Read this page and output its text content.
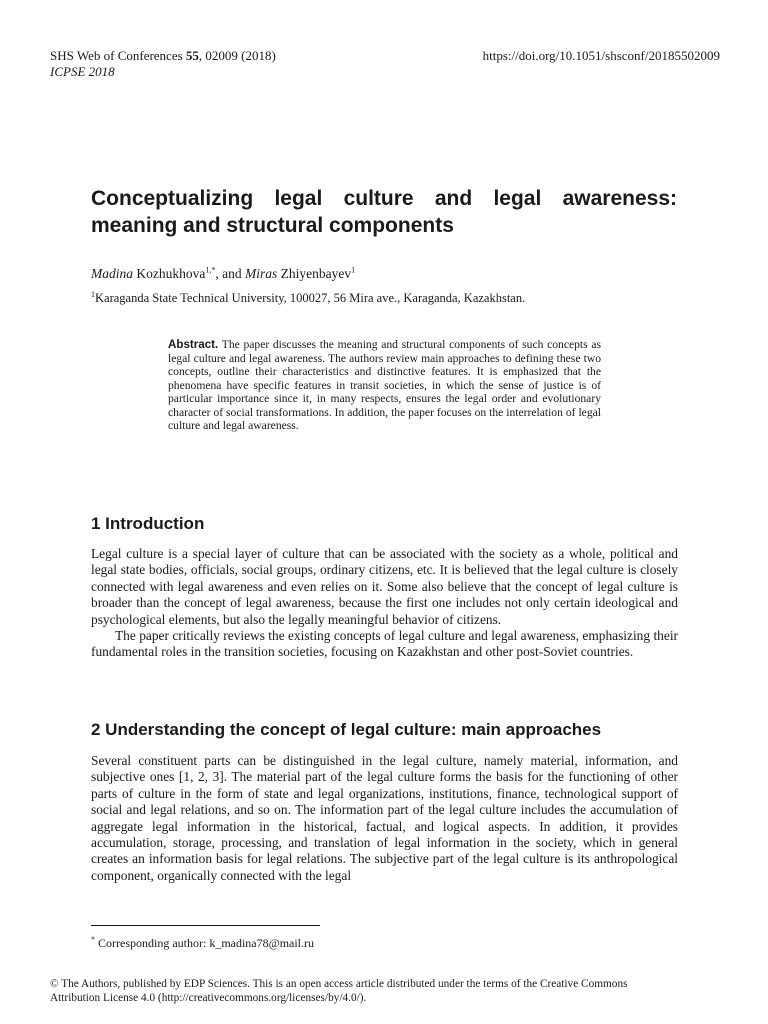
SHS Web of Conferences 55, 02009 (2018)	https://doi.org/10.1051/shsconf/20185502009
ICPSE 2018
Conceptualizing legal culture and legal awareness: meaning and structural components
Madina Kozhukhova$^{1,*}$, and Miras Zhiyenbayev$^1$
$^1$Karaganda State Technical University, 100027, 56 Mira ave., Karaganda, Kazakhstan.
Abstract. The paper discusses the meaning and structural components of such concepts as legal culture and legal awareness. The authors review main approaches to defining these two concepts, outline their characteristics and distinctive features. It is emphasized that the phenomena have specific features in transit societies, in which the sense of justice is of particular importance since it, in many respects, ensures the legal order and evolutionary character of social transformations. In addition, the paper focuses on the interrelation of legal culture and legal awareness.
1 Introduction

Legal culture is a special layer of culture that can be associated with the society as a whole, political and legal state bodies, officials, social groups, ordinary citizens, etc. It is believed that the legal culture is closely connected with legal awareness and even relies on it. Some also believe that the concept of legal culture is broader than the concept of legal awareness, because the first one includes not only certain ideological and psychological elements, but also the legally meaningful behavior of citizens.

The paper critically reviews the existing concepts of legal culture and legal awareness, emphasizing their fundamental roles in the transition societies, focusing on Kazakhstan and other post-Soviet countries.

2 Understanding the concept of legal culture: main approaches

Several constituent parts can be distinguished in the legal culture, namely material, information, and subjective ones [1, 2, 3]. The material part of the legal culture forms the basis for the functioning of other parts of culture in the form of state and legal organizations, institutions, finance, technological support of social and legal relations, and so on. The information part of the legal culture includes the accumulation of aggregate legal information in the historical, factual, and logical aspects. In addition, it provides accumulation, storage, processing, and translation of legal information in the society, which in general creates an information basis for legal relations. The subjective part of the legal culture is its anthropological component, organically connected with the legal

* Corresponding author: k_madina78@mail.ru
© The Authors, published by EDP Sciences. This is an open access article distributed under the terms of the Creative Commons
Attribution License 4.0 (http://creativecommons.org/licenses/by/4.0/).
